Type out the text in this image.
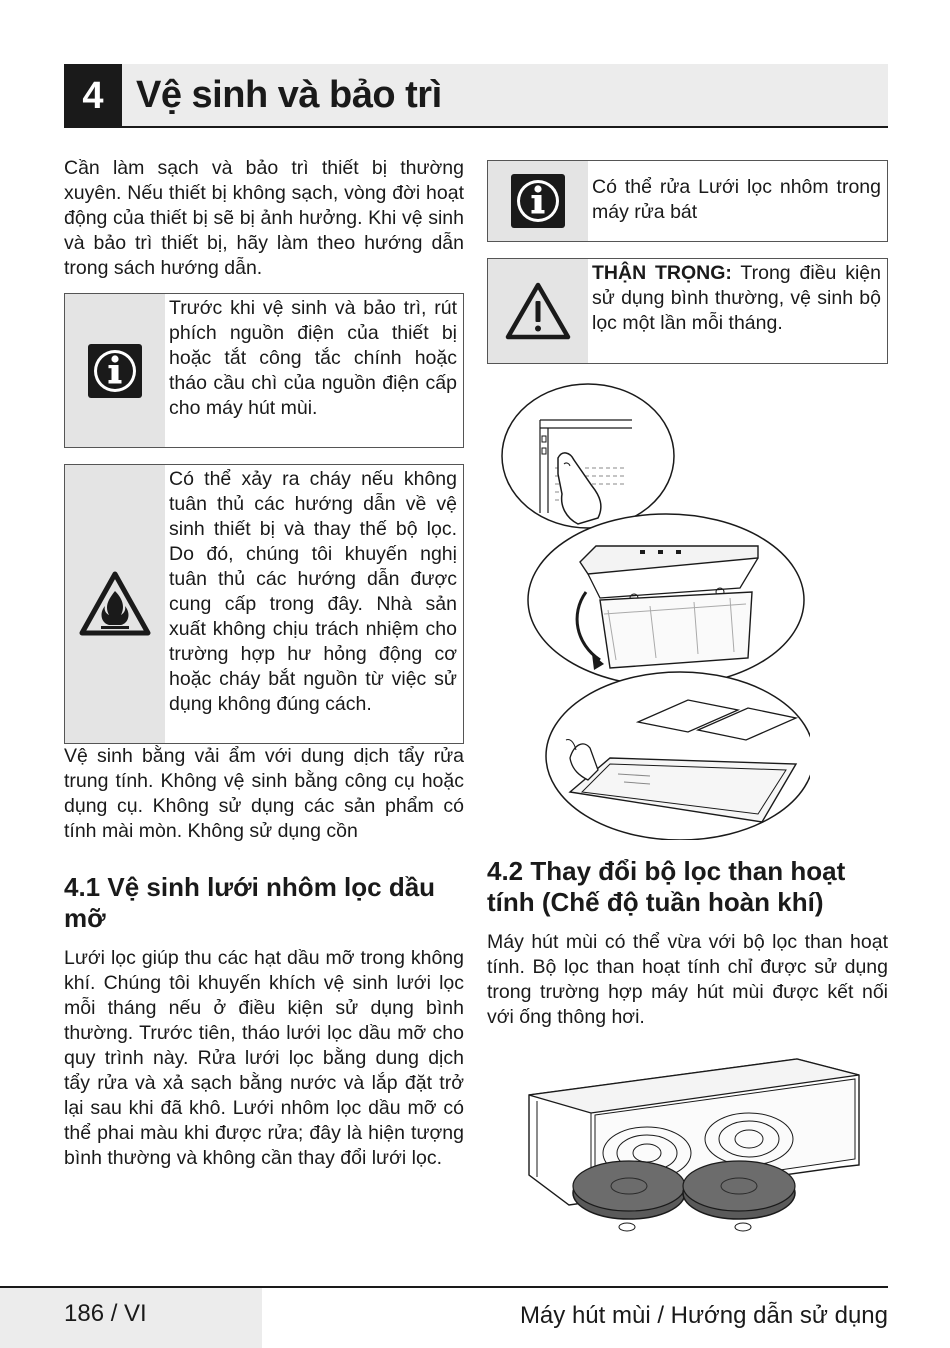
4 Vệ sinh và bảo trì

Cần làm sạch và bảo trì thiết bị thường xuyên. Nếu thiết bị không sạch, vòng đời hoạt động của thiết bị sẽ bị ảnh hưởng. Khi vệ sinh và bảo trì thiết bị, hãy làm theo hướng dẫn trong sách hướng dẫn.

Trước khi vệ sinh và bảo trì, rút phích nguồn điện của thiết bị hoặc tắt công tắc chính hoặc tháo cầu chì của nguồn điện cấp cho máy hút mùi.
Có thể xảy ra cháy nếu không tuân thủ các hướng dẫn về vệ sinh thiết bị và thay thế bộ lọc. Do đó, chúng tôi khuyến nghị tuân thủ các hướng dẫn được cung cấp trong đây. Nhà sản xuất không chịu trách nhiệm cho trường hợp hư hỏng động cơ hoặc cháy bắt nguồn từ việc sử dụng không đúng cách.

Vệ sinh bằng vải ẩm với dung dịch tẩy rửa trung tính. Không vệ sinh bằng công cụ hoặc dụng cụ. Không sử dụng các sản phẩm có tính mài mòn. Không sử dụng cồn

4.1 Vệ sinh lưới nhôm lọc dầu mỡ

Lưới lọc giúp thu các hạt dầu mỡ trong không khí. Chúng tôi khuyến khích vệ sinh lưới lọc mỗi tháng nếu ở điều kiện sử dụng bình thường. Trước tiên, tháo lưới lọc dầu mỡ cho quy trình này. Rửa lưới lọc bằng dung dịch tẩy rửa và xả sạch bằng nước và lắp đặt trở lại sau khi đã khô. Lưới nhôm lọc dầu mỡ có thể phai màu khi được rửa; đây là hiện tượng bình thường và không cần thay đổi lưới lọc.

Có thể rửa Lưới lọc nhôm trong máy rửa bát
THẬN TRỌNG: Trong điều kiện sử dụng bình thường, vệ sinh bộ lọc một lần mỗi tháng.
4.2 Thay đổi bộ lọc than hoạt tính (Chế độ tuần hoàn khí)

Máy hút mùi có thể vừa với bộ lọc than hoạt tính. Bộ lọc than hoạt tính chỉ được sử dụng trong trường hợp máy hút mùi được kết nối với ống thông hơi.

186 / VI	Máy hút mùi / Hướng dẫn sử dụng
